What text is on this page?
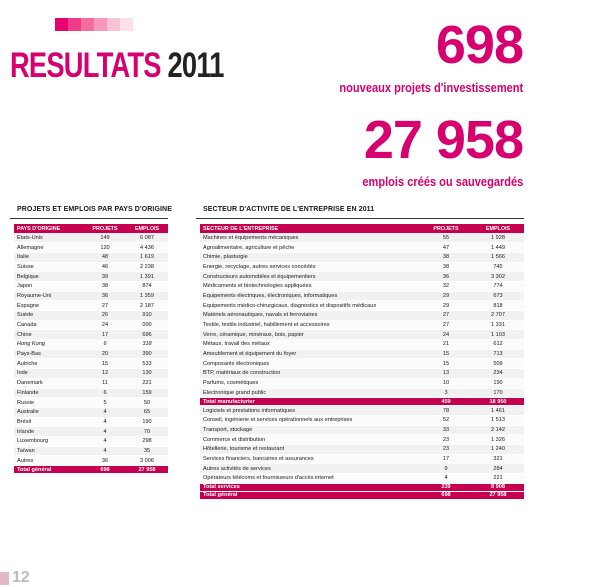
RESULTATS 2011	698
nouveaux projets d'investissement
27 958
emplois créés ou sauvegardés
PROJETS ET EMPLOIS PAR PAYS D'ORIGINE	SECTEUR D'ACTIVITE DE L'ENTREPRISE EN 2011
PAYS D'ORIGINE	PROJETS	EMPLOIS
Etats-Unis	149	6 087
Allemagne	120	4 436
Italie	48	1 619
Suisse	46	2 238
Belgique	39	1 391
Japon	38	874
Royaume-Uni	36	1 359
Espagne	27	2 187
Suède	26	910
Canada	24	000
Chine	17	696
Hong Kong	6	318
Pays-Bas	20	390
Autriche	15	533
Inde	12	130
Danemark	11	221
Finlande	6	159
Russie	5	50
Australie	4	65
Brésil	4	190
Irlande	4	70
Luxembourg	4	298
Taïwan	4	35
Autres	36	3 006
Total général	698	27 958
SECTEUR DE L'ENTREPRISE	PROJETS	EMPLOIS
Machines et équipements mécaniques	55	1 928
Agroalimentaire, agriculture et pêche	47	1 449
Chimie, plasturgie	38	1 566
Energie, recyclage, autres services concédés	38	745
Constructeurs automobiles et équipementiers	36	3 302
Médicaments et biotechnologies appliquées	32	774
Equipements électriques, électroniques, informatiques	29	673
Equipements médico-chirurgicaux, diagnostics et dispositifs médicaux	29	818
Matériels aéronautiques, navals et ferroviaires	27	2 707
Textile, textile industriel, habillement et accessoires	27	1 331
Verre, céramique, minéraux, bois, papier	24	1 103
Métaux, travail des métaux	21	612
Ameublement et équipement du foyer	15	713
Composants électroniques	15	509
BTP, matériaux de construction	13	234
Parfums, cosmétiques	10	190
Electronique grand public	3	170
Total manufacturier	459	18 950
Logiciels et prestations informatiques	78	1 461
Conseil, ingénierie et services opérationnels aux entreprises	52	1 513
Transport, stockage	33	2 142
Commerce et distribution	23	1 326
Hôtellerie, tourisme et restaurant	23	1 240
Services financiers, bancaires et assurances	17	321
Autres activités de services	9	284
Opérateurs télécoms et fournisseurs d'accès internet	4	221
Total services	239	8 908
Total général	698	27 958
12
